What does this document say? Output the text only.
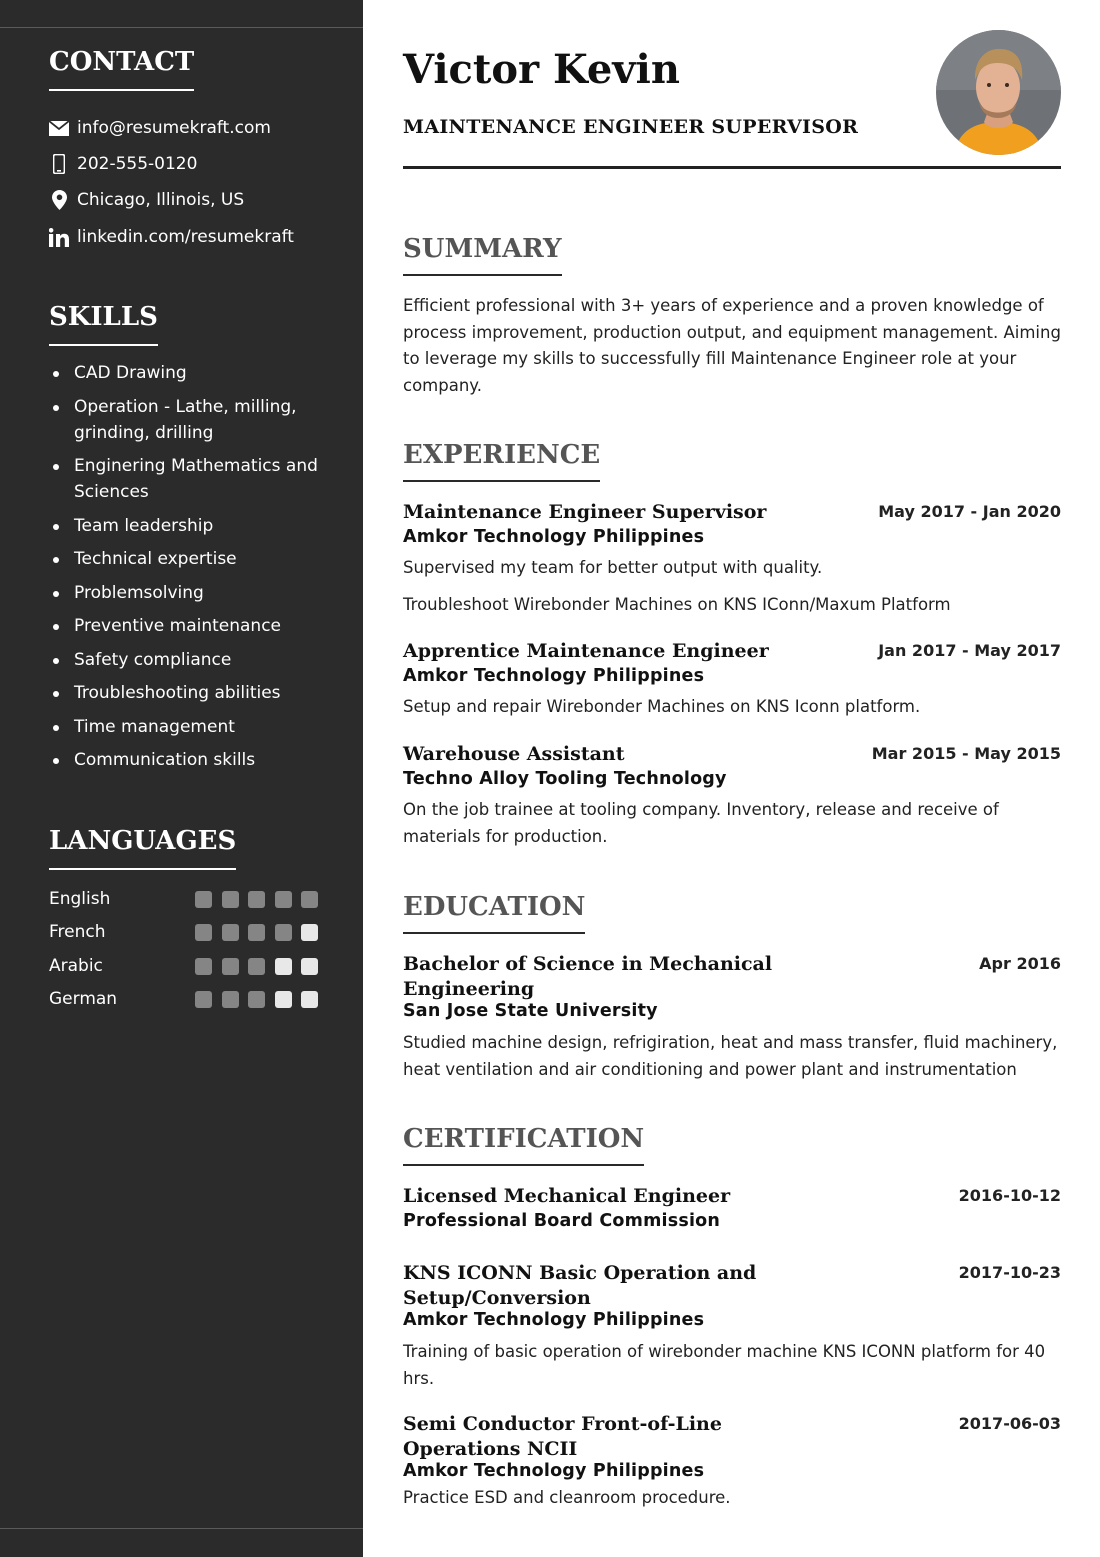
CONTACT
info@resumekraft.com
202-555-0120
Chicago, Illinois, US
linkedin.com/resumekraft
SKILLS
CAD Drawing
Operation - Lathe, milling, grinding, drilling
Enginering Mathematics and Sciences
Team leadership
Technical expertise
Problemsolving
Preventive maintenance
Safety compliance
Troubleshooting abilities
Time management
Communication skills
LANGUAGES
English
French
Arabic
German
Victor Kevin
MAINTENANCE ENGINEER SUPERVISOR
SUMMARY

Efficient professional with 3+ years of experience and a proven knowledge of process improvement, production output, and equipment management. Aiming to leverage my skills to successfully fill Maintenance Engineer role at your company.

EXPERIENCE
Maintenance Engineer Supervisor	May 2017 - Jan 2020
Amkor Technology Philippines
Supervised my team for better output with quality.
Troubleshoot Wirebonder Machines on KNS IConn/Maxum Platform
Apprentice Maintenance Engineer	Jan 2017 - May 2017
Amkor Technology Philippines
Setup and repair Wirebonder Machines on KNS Iconn platform.
Warehouse Assistant	Mar 2015 - May 2015
Techno Alloy Tooling Technology
On the job trainee at tooling company. Inventory, release and receive of materials for production.
EDUCATION
Bachelor of Science in Mechanical Engineering
Apr 2016
San Jose State University
Studied machine design, refrigiration, heat and mass transfer, fluid machinery, heat ventilation and air conditioning and power plant and instrumentation
CERTIFICATION
Licensed Mechanical Engineer	2016-10-12
Professional Board Commission
KNS ICONN Basic Operation and Setup/Conversion
2017-10-23
Amkor Technology Philippines
Training of basic operation of wirebonder machine KNS ICONN platform for 40 hrs.
Semi Conductor Front-of-Line Operations NCII
2017-06-03
Amkor Technology Philippines
Practice ESD and cleanroom procedure.
